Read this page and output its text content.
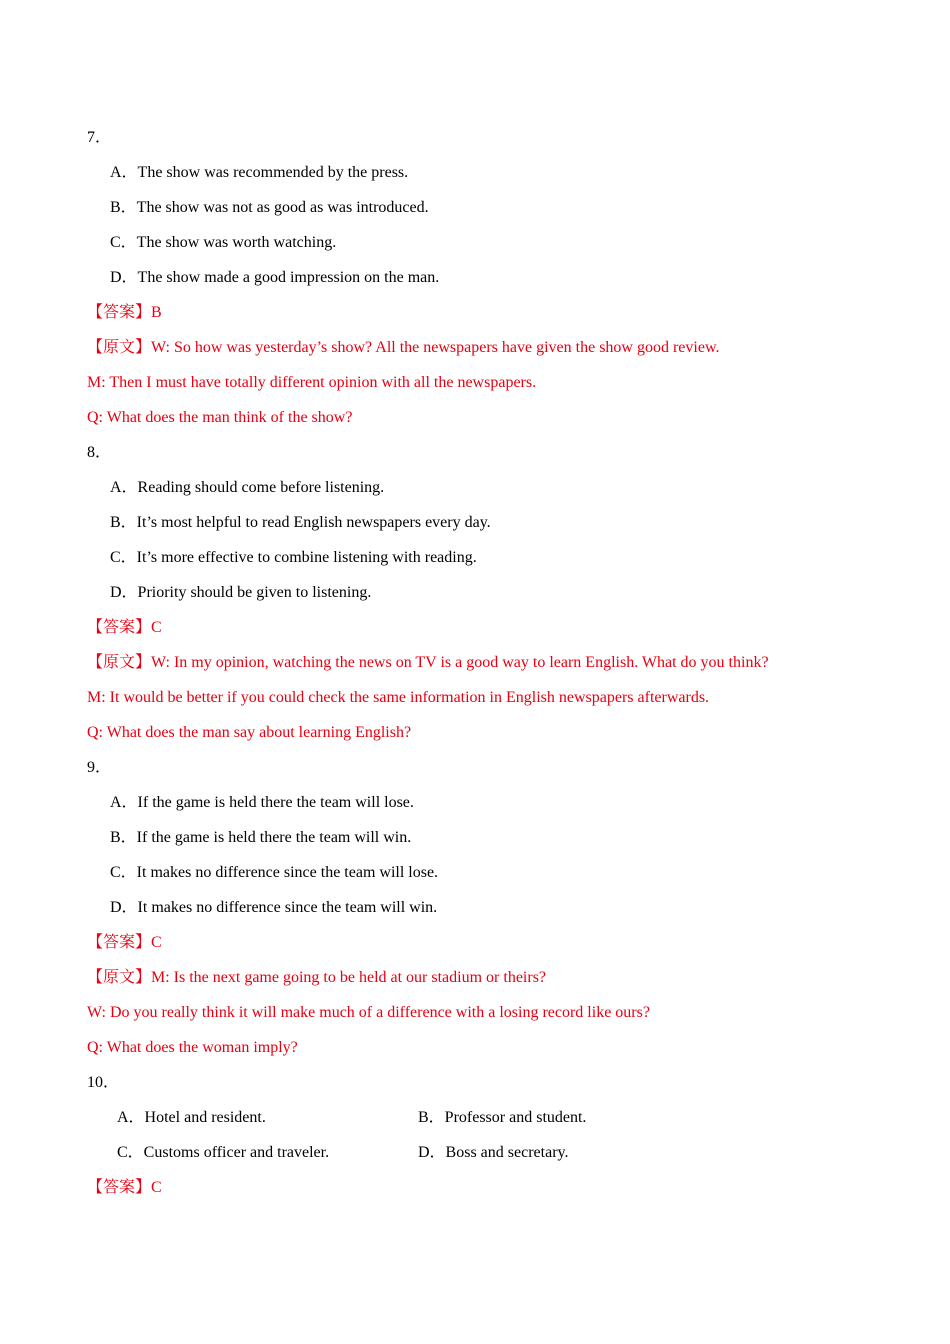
7．
A．The show was recommended by the press.
B．The show was not as good as was introduced.
C．The show was worth watching.
D．The show made a good impression on the man.
【答案】B
【原文】W: So how was yesterday’s show? All the newspapers have given the show good review.
M: Then I must have totally different opinion with all the newspapers.
Q: What does the man think of the show?
8．
A．Reading should come before listening.
B．It’s most helpful to read English newspapers every day.
C．It’s more effective to combine listening with reading.
D．Priority should be given to listening.
【答案】C
【原文】W: In my opinion, watching the news on TV is a good way to learn English. What do you think?
M: It would be better if you could check the same information in English newspapers afterwards.
Q: What does the man say about learning English?
9．
A．If the game is held there the team will lose.
B．If the game is held there the team will win.
C．It makes no difference since the team will lose.
D．It makes no difference since the team will win.
【答案】C
【原文】M: Is the next game going to be held at our stadium or theirs?
W: Do you really think it will make much of a difference with a losing record like ours?
Q: What does the woman imply?
10．
A．Hotel and resident.	B．Professor and student.
C．Customs officer and traveler.	D．Boss and secretary.
【答案】C
